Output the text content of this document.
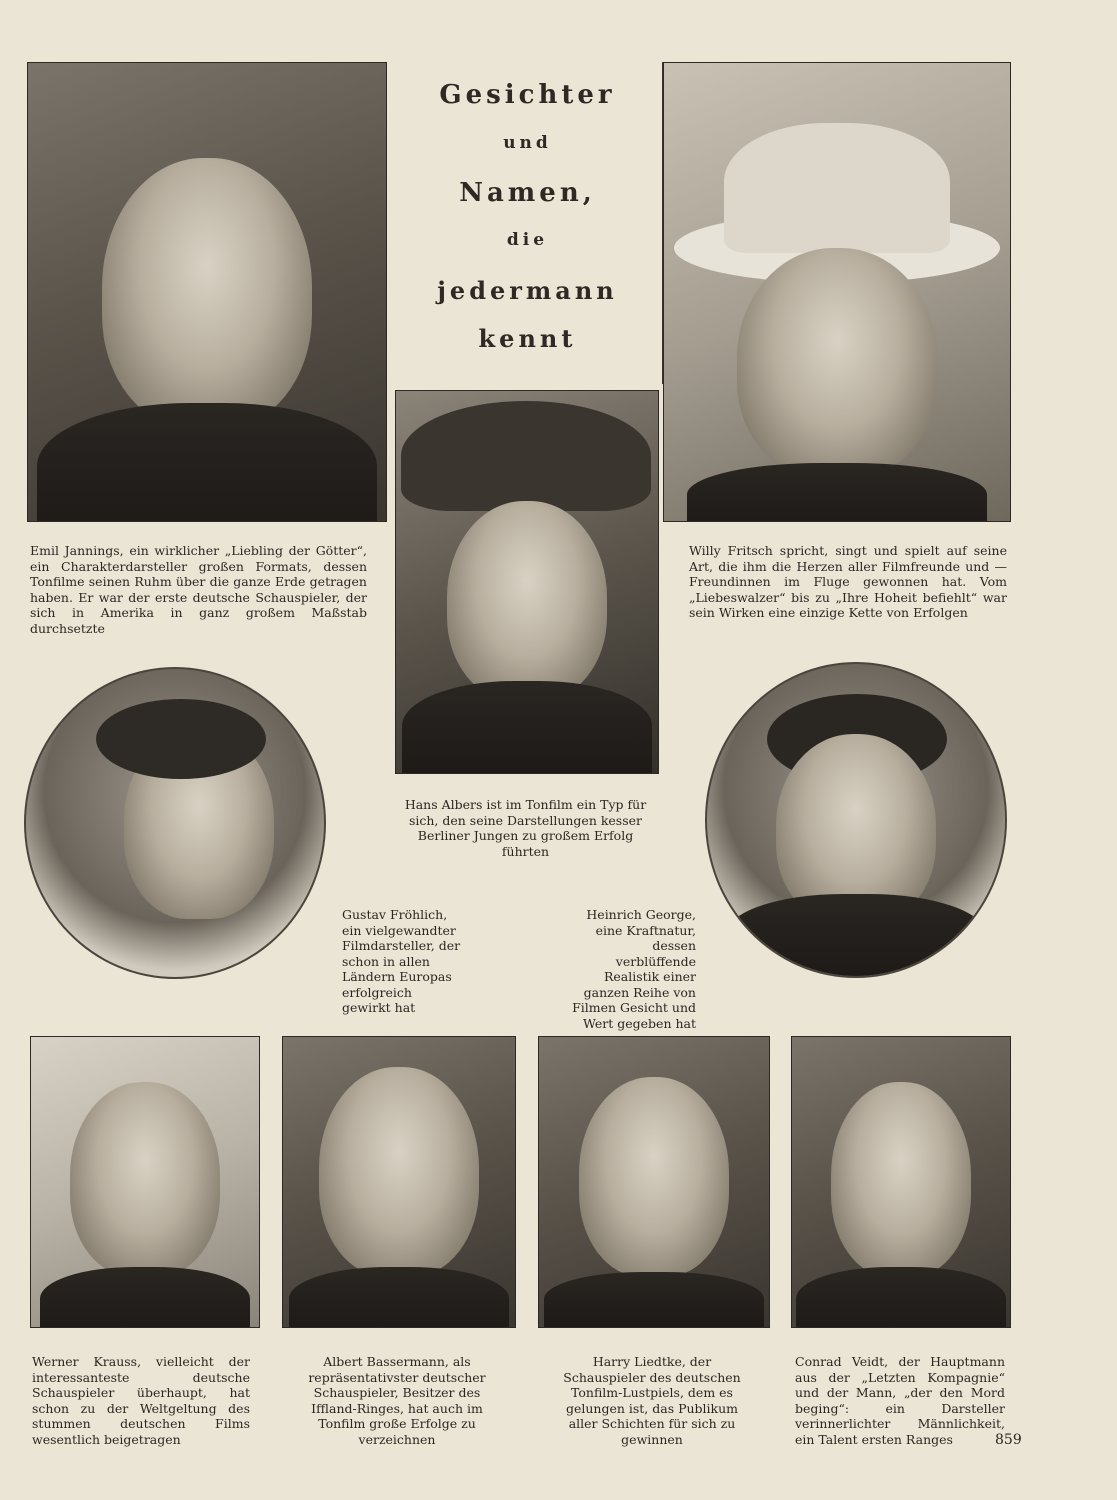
Gesichter

und

Namen,

die

jedermann

kennt

Emil Jannings, ein wirklicher „Liebling der Götter“, ein Charakterdarsteller großen Formats, dessen Tonfilme seinen Ruhm über die ganze Erde getragen haben. Er war der erste deutsche Schauspieler, der sich in Amerika in ganz großem Maßstab durchsetzte

Willy Fritsch spricht, singt und spielt auf seine Art, die ihm die Herzen aller Filmfreunde und — Freundinnen im Fluge gewonnen hat. Vom „Liebeswalzer“ bis zu „Ihre Hoheit befiehlt“ war sein Wirken eine einzige Kette von Erfolgen

Hans Albers ist im Tonfilm ein Typ für sich, den seine Darstellungen kesser Berliner Jungen zu großem Erfolg führten

Gustav Fröhlich, ein vielgewandter Filmdarsteller, der schon in allen Ländern Europas erfolgreich gewirkt hat

Heinrich George, eine Kraftnatur, dessen verblüffende Realistik einer ganzen Reihe von Filmen Gesicht und Wert gegeben hat

Werner Krauss, vielleicht der interessanteste deutsche Schauspieler überhaupt, hat schon zu der Weltgeltung des stummen deutschen Films wesentlich beigetragen

Albert Bassermann, als repräsentativster deutscher Schauspieler, Besitzer des Iffland-Ringes, hat auch im Tonfilm große Erfolge zu verzeichnen

Harry Liedtke, der Schauspieler des deutschen Tonfilm-Lustpiels, dem es gelungen ist, das Publikum aller Schichten für sich zu gewinnen

Conrad Veidt, der Hauptmann aus der „Letzten Kompagnie“ und der Mann, „der den Mord beging“: ein Darsteller verinnerlichter Männlichkeit, ein Talent ersten Ranges	859
